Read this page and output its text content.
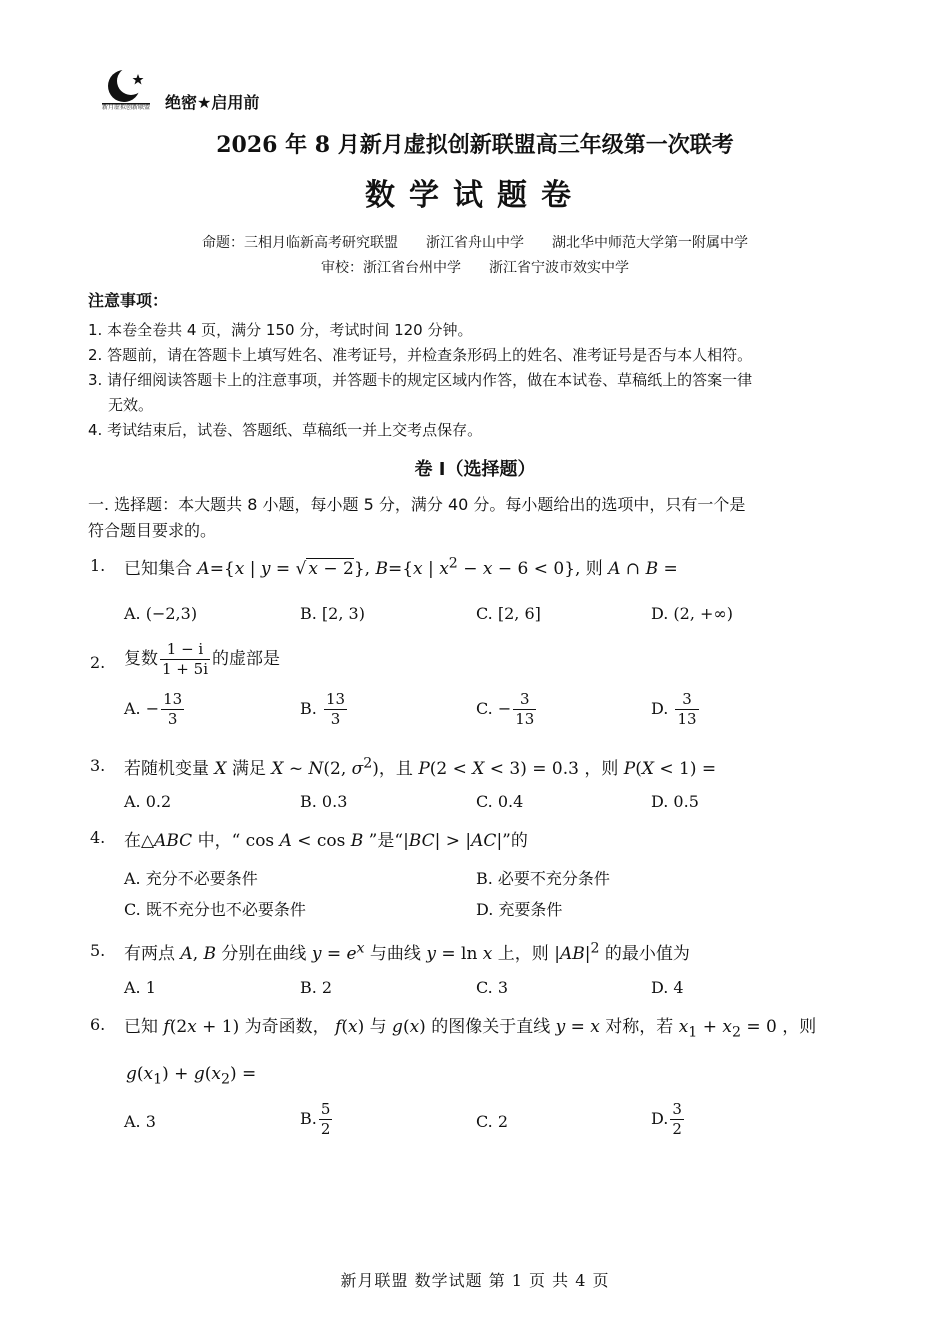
新月虚拟创新联盟 绝密★启用前
2026 年 8 月新月虚拟创新联盟高三年级第一次联考
数学试题卷
命题：三相月临新高考研究联盟　　浙江省舟山中学　　湖北华中师范大学第一附属中学
审校：浙江省台州中学　　浙江省宁波市效实中学
注意事项：
1. 本卷全卷共 4 页，满分 150 分，考试时间 120 分钟。
2. 答题前，请在答题卡上填写姓名、准考证号，并检查条形码上的姓名、准考证号是否与本人相符。
3. 请仔细阅读答题卡上的注意事项，并答题卡的规定区域内作答，做在本试卷、草稿纸上的答案一律
无效。
4. 考试结束后，试卷、答题纸、草稿纸一并上交考点保存。
卷 I（选择题）
一. 选择题：本大题共 8 小题，每小题 5 分，满分 40 分。每小题给出的选项中，只有一个是
符合题目要求的。
1. 已知集合 A={x | y = √ x − 2}, B={x | $x^2 - x - 6 < 0$}, 则 A ∩ B =
A. (−2,3)	B. [2, 3)	C. [2, 6]	D. (2, +∞)
2. 复数 $\frac{1 - i}{1 + 5i}$ 的虚部是
A. − $\frac{13}{3}$	B. $\frac{13}{3}$	C. − $\frac{3}{13}$	D. $\frac{3}{13}$
3. 若随机变量 X 满足 X ~ N(2, $\sigma^2$)，且 P(2 < X < 3) = 0.3 ，则 P(X < 1) =
A. 0.2	B. 0.3	C. 0.4	D. 0.5
4. 在△ABC 中，“ cos A < cos B ”是“|BC| > |AC|”的
A. 充分不必要条件	B. 必要不充分条件
C. 既不充分也不必要条件	D. 充要条件
5. 有两点 A, B 分别在曲线 $y = e^x$ 与曲线 y = ln x 上，则 $|AB|^2$ 的最小值为
A. 1	B. 2	C. 3	D. 4
6. 已知 f(2x + 1) 为奇函数， f(x) 与 g(x) 的图像关于直线 y = x 对称，若 $x_1 + x_2 = 0$ ，则
$g(x_1) + g(x_2)$ =
A. 3	B. $\frac{5}{2}$	C. 2	D. $\frac{3}{2}$
新月联盟 数学试题 第 1 页 共 4 页
